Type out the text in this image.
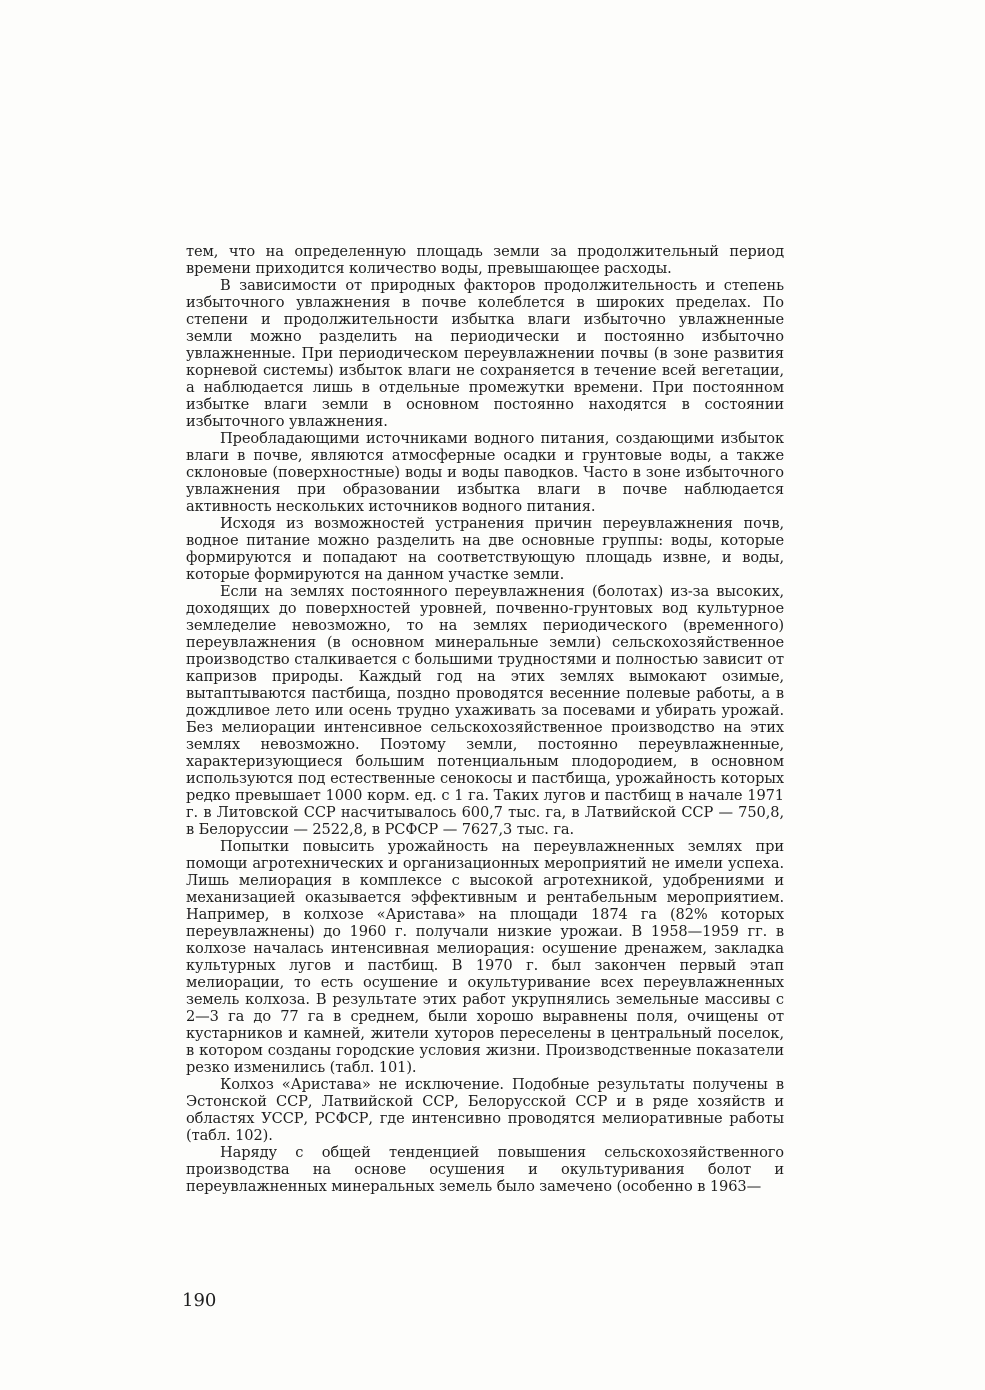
тем, что на определенную площадь земли за продолжительный период времени приходится количество воды, превышающее расходы.

В зависимости от природных факторов продолжительность и степень избыточного увлажнения в почве колеблется в широких пределах. По степени и продолжительности избытка влаги избыточно увлажненные земли можно разделить на периодически и постоянно избыточно увлажненные. При периодическом переувлажнении почвы (в зоне развития корневой системы) избыток влаги не сохраняется в течение всей вегетации, а наблюдается лишь в отдельные промежутки времени. При постоянном избытке влаги земли в основном постоянно находятся в состоянии избыточного увлажнения.

Преобладающими источниками водного питания, создающими избыток влаги в почве, являются атмосферные осадки и грунтовые воды, а также склоновые (поверхностные) воды и воды паводков. Часто в зоне избыточного увлажнения при образовании избытка влаги в почве наблюдается активность нескольких источников водного питания.

Исходя из возможностей устранения причин переувлажнения почв, водное питание можно разделить на две основные группы: воды, которые формируются и попадают на соответствующую площадь извне, и воды, которые формируются на данном участке земли.

Если на землях постоянного переувлажнения (болотах) из-за высоких, доходящих до поверхностей уровней, почвенно-грунтовых вод культурное земледелие невозможно, то на землях периодического (временного) переувлажнения (в основном минеральные земли) сельскохозяйственное производство сталкивается с большими трудностями и полностью зависит от капризов природы. Каждый год на этих землях вымокают озимые, вытаптываются пастбища, поздно проводятся весенние полевые работы, а в дождливое лето или осень трудно ухаживать за посевами и убирать урожай. Без мелиорации интенсивное сельскохозяйственное производство на этих землях невозможно. Поэтому земли, постоянно переувлажненные, характеризующиеся большим потенциальным плодородием, в основном используются под естественные сенокосы и пастбища, урожайность которых редко превышает 1000 корм. ед. с 1 га. Таких лугов и пастбищ в начале 1971 г. в Литовской ССР насчитывалось 600,7 тыс. га, в Латвийской ССР — 750,8, в Белоруссии — 2522,8, в РСФСР — 7627,3 тыс. га.

Попытки повысить урожайность на переувлажненных землях при помощи агротехнических и организационных мероприятий не имели успеха. Лишь мелиорация в комплексе с высокой агротехникой, удобрениями и механизацией оказывается эффективным и рентабельным мероприятием. Например, в колхозе «Аристава» на площади 1874 га (82% которых переувлажнены) до 1960 г. получали низкие урожаи. В 1958—1959 гг. в колхозе началась интенсивная мелиорация: осушение дренажем, закладка культурных лугов и пастбищ. В 1970 г. был закончен первый этап мелиорации, то есть осушение и окультуривание всех переувлажненных земель колхоза. В результате этих работ укрупнялись земельные массивы с 2—3 га до 77 га в среднем, были хорошо выравнены поля, очищены от кустарников и камней, жители хуторов переселены в центральный поселок, в котором созданы городские условия жизни. Производственные показатели резко изменились (табл. 101).

Колхоз «Аристава» не исключение. Подобные результаты получены в Эстонской ССР, Латвийской ССР, Белорусской ССР и в ряде хозяйств и областях УССР, РСФСР, где интенсивно проводятся мелиоративные работы (табл. 102).

Наряду с общей тенденцией повышения сельскохозяйственного производства на основе осушения и окультуривания болот и переувлажненных минеральных земель было замечено (особенно в 1963—

190
